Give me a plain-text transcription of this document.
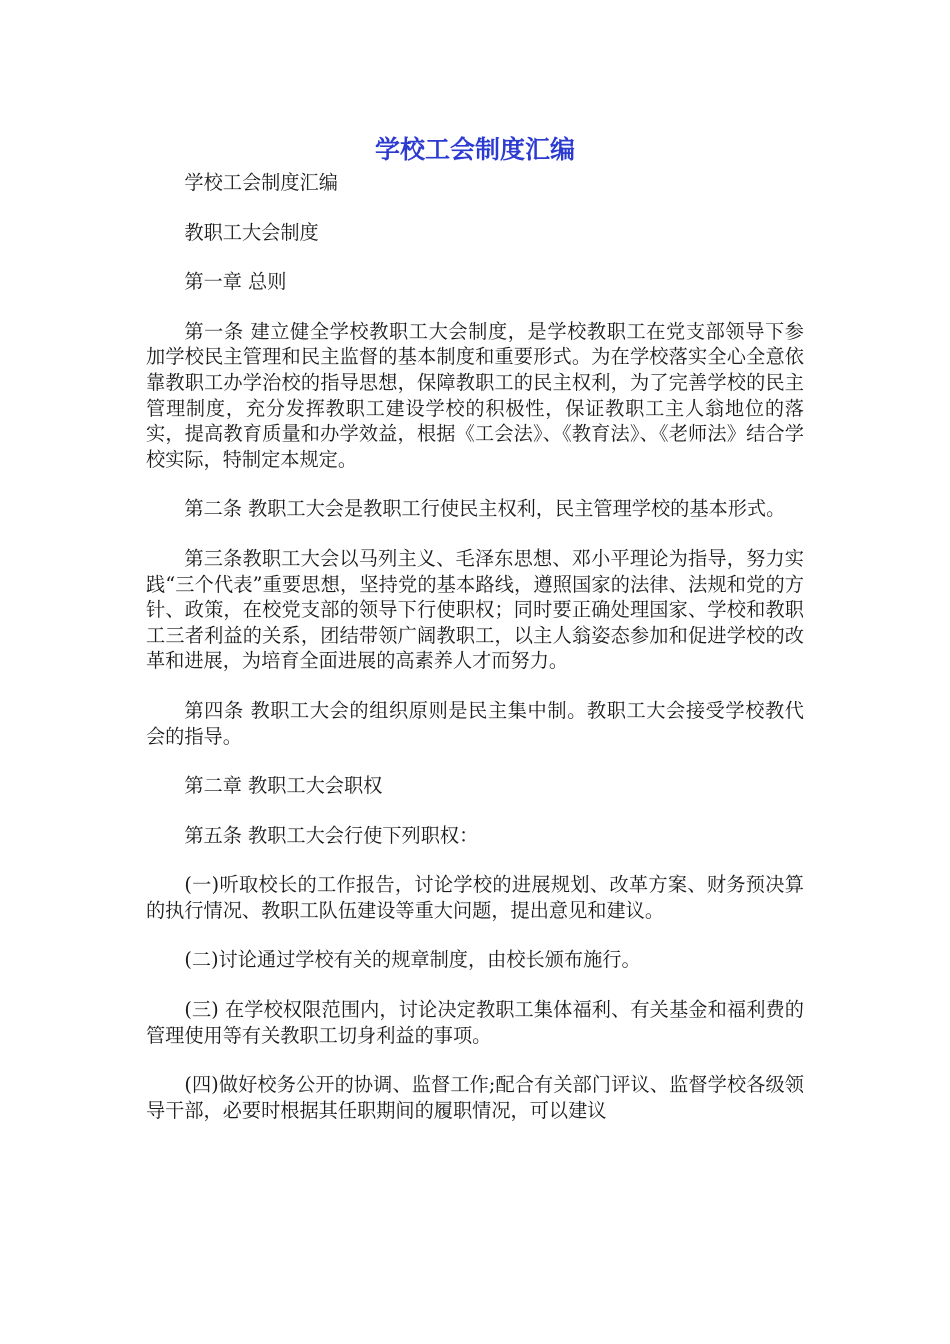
学校工会制度汇编

学校工会制度汇编

教职工大会制度

第一章 总则

第一条 建立健全学校教职工大会制度，是学校教职工在党支部领导下参加学校民主管理和民主监督的基本制度和重要形式。为在学校落实全心全意依靠教职工办学治校的指导思想，保障教职工的民主权利，为了完善学校的民主管理制度，充分发挥教职工建设学校的积极性，保证教职工主人翁地位的落实，提高教育质量和办学效益，根据《工会法》、《教育法》、《老师法》结合学校实际，特制定本规定。

第二条 教职工大会是教职工行使民主权利，民主管理学校的基本形式。

第三条教职工大会以马列主义、毛泽东思想、邓小平理论为指导，努力实践“三个代表”重要思想，坚持党的基本路线，遵照国家的法律、法规和党的方针、政策，在校党支部的领导下行使职权；同时要正确处理国家、学校和教职工三者利益的关系，团结带领广阔教职工，以主人翁姿态参加和促进学校的改革和进展，为培育全面进展的高素养人才而努力。

第四条 教职工大会的组织原则是民主集中制。教职工大会接受学校教代会的指导。

第二章 教职工大会职权

第五条 教职工大会行使下列职权：

(一)听取校长的工作报告，讨论学校的进展规划、改革方案、财务预决算的执行情况、教职工队伍建设等重大问题，提出意见和建议。

(二)讨论通过学校有关的规章制度，由校长颁布施行。

(三) 在学校权限范围内，讨论决定教职工集体福利、有关基金和福利费的管理使用等有关教职工切身利益的事项。

(四)做好校务公开的协调、监督工作;配合有关部门评议、监督学校各级领导干部，必要时根据其任职期间的履职情况，可以建议
